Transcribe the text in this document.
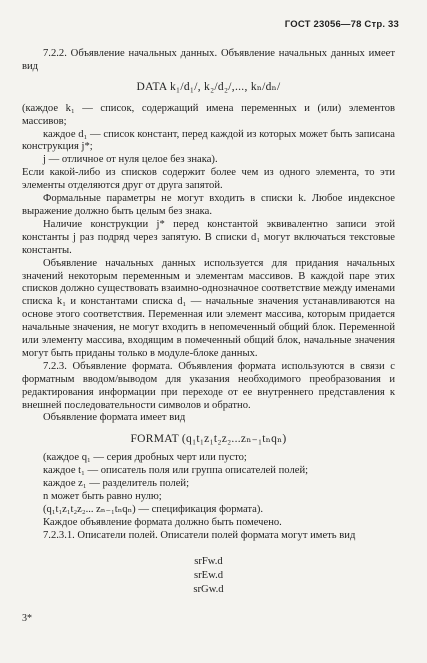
ГОСТ 23056—78 Стр. 33

7.2.2. Объявление начальных данных. Объявление начальных данных имеет вид

DATA k₁/d₁/, k₂/d₂/,..., kₙ/dₙ/

(каждое k₁ — список, содержащий имена переменных и (или) элементов массивов;

каждое d₁ — список констант, перед каждой из которых может быть записана конструкция j*;

j — отличное от нуля целое без знака).

Если какой-либо из списков содержит более чем из одного элемента, то эти элементы отделяются друг от друга запятой.

Формальные параметры не могут входить в списки k. Любое индексное выражение должно быть целым без знака.

Наличие конструкции j* перед константой эквивалентно записи этой константы j раз подряд через запятую. В списки d₁ могут включаться текстовые константы.

Объявление начальных данных используется для придания начальных значений некоторым переменным и элементам массивов. В каждой паре этих списков должно существовать взаимно-однозначное соответствие между именами списка k₁ и константами списка d₁ — начальные значения устанавливаются на основе этого соответствия. Переменная или элемент массива, которым придается начальные значения, не могут входить в непомеченный общий блок. Переменной или элементу массива, входящим в помеченный общий блок, начальные значения могут быть приданы только в модуле-блоке данных.

7.2.3. Объявление формата. Объявления формата используются в связи с форматным вводом/выводом для указания необходимого преобразования и редактирования информации при переходе от ее внутреннего представления к внешней последовательности символов и обратно.

Объявление формата имеет вид

FORMAT (q₁t₁z₁t₂z₂...zₙ₋₁tₙqₙ)

(каждое q₁ — серия дробных черт или пусто;

каждое t₁ — описатель поля или группа описателей полей;

каждое z₁ — разделитель полей;

n может быть равно нулю;

(q₁t₁z₁t₂z₂... zₙ₋₁tₙqₙ) — спецификация формата).

Каждое объявление формата должно быть помечено.

7.2.3.1. Описатели полей. Описатели полей формата могут иметь вид

srFw.d

srEw.d

srGw.d

3*
